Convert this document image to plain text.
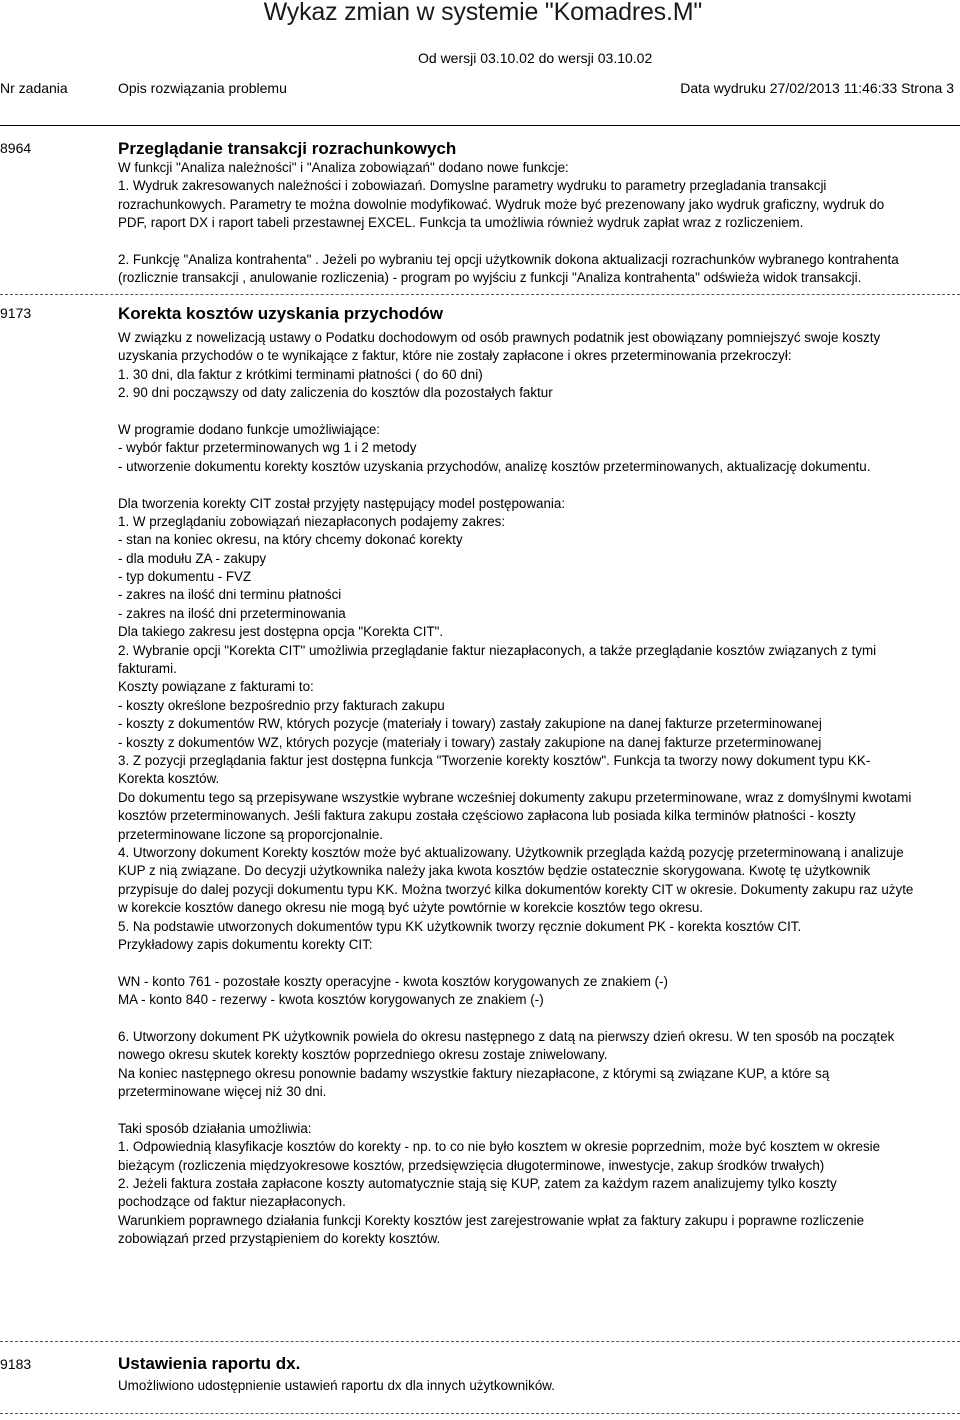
Wykaz zmian w systemie "Komadres.M"
Od wersji 03.10.02 do wersji 03.10.02
Nr zadania	Opis rozwiązania problemu	Data wydruku 27/02/2013 11:46:33 Strona 3
8964	Przeglądanie transakcji rozrachunkowych
W funkcji "Analiza należności" i "Analiza zobowiązań" dodano nowe funkcje:
1. Wydruk zakresowanych należności i zobowiazań. Domyslne parametry wydruku to parametry przegladania transakcji
rozrachunkowych. Parametry te można dowolnie modyfikować. Wydruk może być prezenowany jako wydruk graficzny, wydruk do
PDF, raport DX i raport tabeli przestawnej EXCEL. Funkcja ta umożliwia również wydruk zapłat wraz z rozliczeniem.
2. Funkcję "Analiza kontrahenta" . Jeżeli po wybraniu tej opcji użytkownik dokona aktualizacji rozrachunków wybranego kontrahenta
(rozlicznie transakcji , anulowanie rozliczenia) - program po wyjściu z funkcji "Analiza kontrahenta" odświeża widok transakcji.
9173	Korekta kosztów uzyskania przychodów
W związku z nowelizacją ustawy o Podatku dochodowym od osób prawnych podatnik jest obowiązany pomniejszyć swoje koszty
uzyskania przychodów o te wynikające z faktur, które nie zostały zapłacone i okres przeterminowania przekroczył:
1. 30 dni, dla faktur z krótkimi terminami płatności ( do 60 dni)
2. 90 dni począwszy od daty zaliczenia do kosztów dla pozostałych faktur
W programie dodano funkcje umożliwiające:
- wybór faktur przeterminowanych wg 1 i 2 metody
- utworzenie dokumentu korekty kosztów uzyskania przychodów, analizę kosztów przeterminowanych, aktualizację dokumentu.
Dla tworzenia korekty CIT został przyjęty następujący model postępowania:
1. W przeglądaniu zobowiązań niezapłaconych podajemy zakres:
- stan na koniec okresu, na który chcemy dokonać korekty
- dla modułu ZA - zakupy
- typ dokumentu - FVZ
- zakres na ilość dni terminu płatności
- zakres na ilość dni przeterminowania
Dla takiego zakresu jest dostępna opcja "Korekta CIT".
2. Wybranie opcji "Korekta CIT" umożliwia przeglądanie faktur niezapłaconych, a także przeglądanie kosztów związanych z tymi
fakturami.
Koszty powiązane z fakturami to:
- koszty określone bezpośrednio przy fakturach zakupu
- koszty z dokumentów RW, których pozycje (materiały i towary) zastały zakupione na danej fakturze przeterminowanej
- koszty z dokumentów WZ, których pozycje (materiały i towary) zastały zakupione na danej fakturze przeterminowanej
3. Z pozycji przeglądania faktur jest dostępna funkcja "Tworzenie korekty kosztów". Funkcja ta tworzy nowy dokument typu KK-
Korekta kosztów.
Do dokumentu tego są przepisywane wszystkie wybrane wcześniej dokumenty zakupu przeterminowane, wraz z domyślnymi kwotami
kosztów przeterminowanych. Jeśli faktura zakupu została częściowo zapłacona lub posiada kilka terminów płatności - koszty
przeterminowane liczone są proporcjonalnie.
4. Utworzony dokument Korekty kosztów może być aktualizowany. Użytkownik przegląda każdą pozycję przeterminowaną i analizuje
KUP z nią związane. Do decyzji użytkownika należy jaka kwota kosztów będzie ostatecznie skorygowana. Kwotę tę użytkownik
przypisuje do dalej pozycji dokumentu typu KK. Można tworzyć kilka dokumentów korekty CIT w okresie. Dokumenty zakupu raz użyte
w korekcie kosztów danego okresu nie mogą być użyte powtórnie w korekcie kosztów tego okresu.
5. Na podstawie utworzonych dokumentów typu KK użytkownik tworzy ręcznie dokument PK - korekta kosztów CIT.
Przykładowy zapis dokumentu korekty CIT:
WN - konto 761 - pozostałe koszty operacyjne - kwota kosztów korygowanych ze znakiem (-)
MA - konto 840 - rezerwy - kwota kosztów korygowanych ze znakiem (-)
6. Utworzony dokument PK użytkownik powiela do okresu następnego z datą na pierwszy dzień okresu. W ten sposób na początek
nowego okresu skutek korekty kosztów poprzedniego okresu zostaje zniwelowany.
Na koniec następnego okresu ponownie badamy wszystkie faktury niezapłacone, z którymi są związane KUP, a które są
przeterminowane więcej niż 30 dni.
Taki sposób działania umożliwia:
1. Odpowiednią klasyfikacje kosztów do korekty - np. to co nie było kosztem w okresie poprzednim, może być kosztem w okresie
bieżącym (rozliczenia międzyokresowe kosztów, przedsięwzięcia długoterminowe, inwestycje, zakup środków trwałych)
2. Jeżeli faktura została zapłacone koszty automatycznie stają się KUP, zatem za każdym razem analizujemy tylko koszty
pochodzące od faktur niezapłaconych.
Warunkiem poprawnego działania funkcji Korekty kosztów jest zarejestrowanie wpłat za faktury zakupu i poprawne rozliczenie
zobowiązań przed przystąpieniem do korekty kosztów.
9183	Ustawienia raportu dx.
Umożliwiono udostępnienie ustawień raportu dx dla innych użytkowników.
